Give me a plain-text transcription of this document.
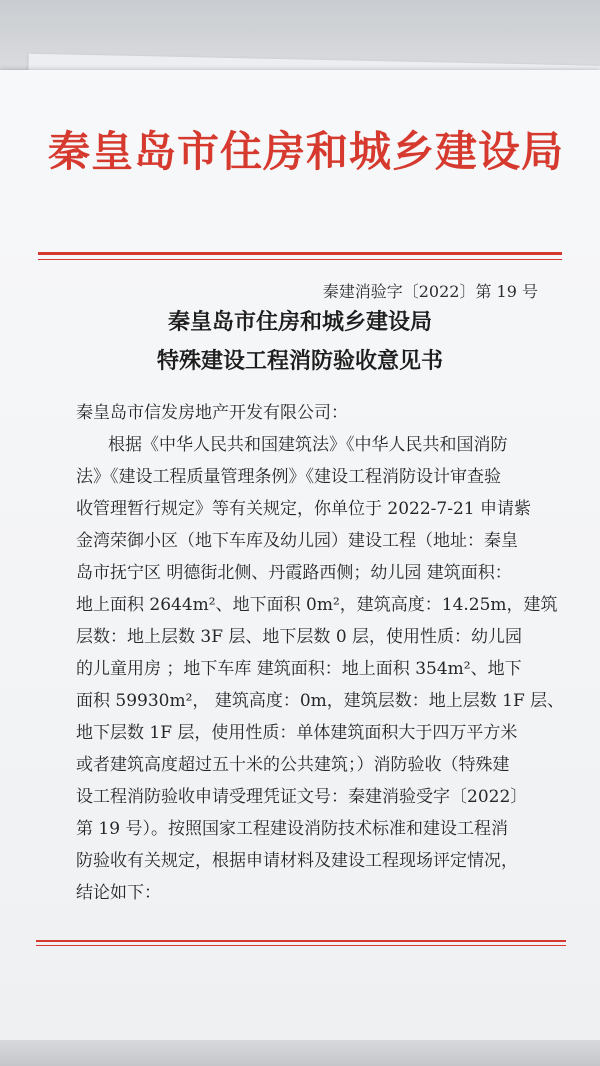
秦皇岛市住房和城乡建设局
秦建消验字〔2022〕第 19 号
秦皇岛市住房和城乡建设局
特殊建设工程消防验收意见书
秦皇岛市信发房地产开发有限公司：
根据《中华人民共和国建筑法》《中华人民共和国消防
法》《建设工程质量管理条例》《建设工程消防设计审查验
收管理暂行规定》等有关规定，你单位于 2022-7-21 申请紫
金湾荣御小区（地下车库及幼儿园）建设工程（地址：秦皇
岛市抚宁区 明德街北侧、丹霞路西侧；幼儿园 建筑面积：
地上面积 2644m²、地下面积 0m²，建筑高度：14.25m，建筑
层数：地上层数 3F 层、地下层数 0 层，使用性质：幼儿园
的儿童用房 ；地下车库 建筑面积：地上面积 354m²、地下
面积 59930m²， 建筑高度：0m，建筑层数：地上层数 1F 层、
地下层数 1F 层，使用性质：单体建筑面积大于四万平方米
或者建筑高度超过五十米的公共建筑；）消防验收（特殊建
设工程消防验收申请受理凭证文号：秦建消验受字〔2022〕
第 19 号）。按照国家工程建设消防技术标准和建设工程消
防验收有关规定，根据申请材料及建设工程现场评定情况，
结论如下：
